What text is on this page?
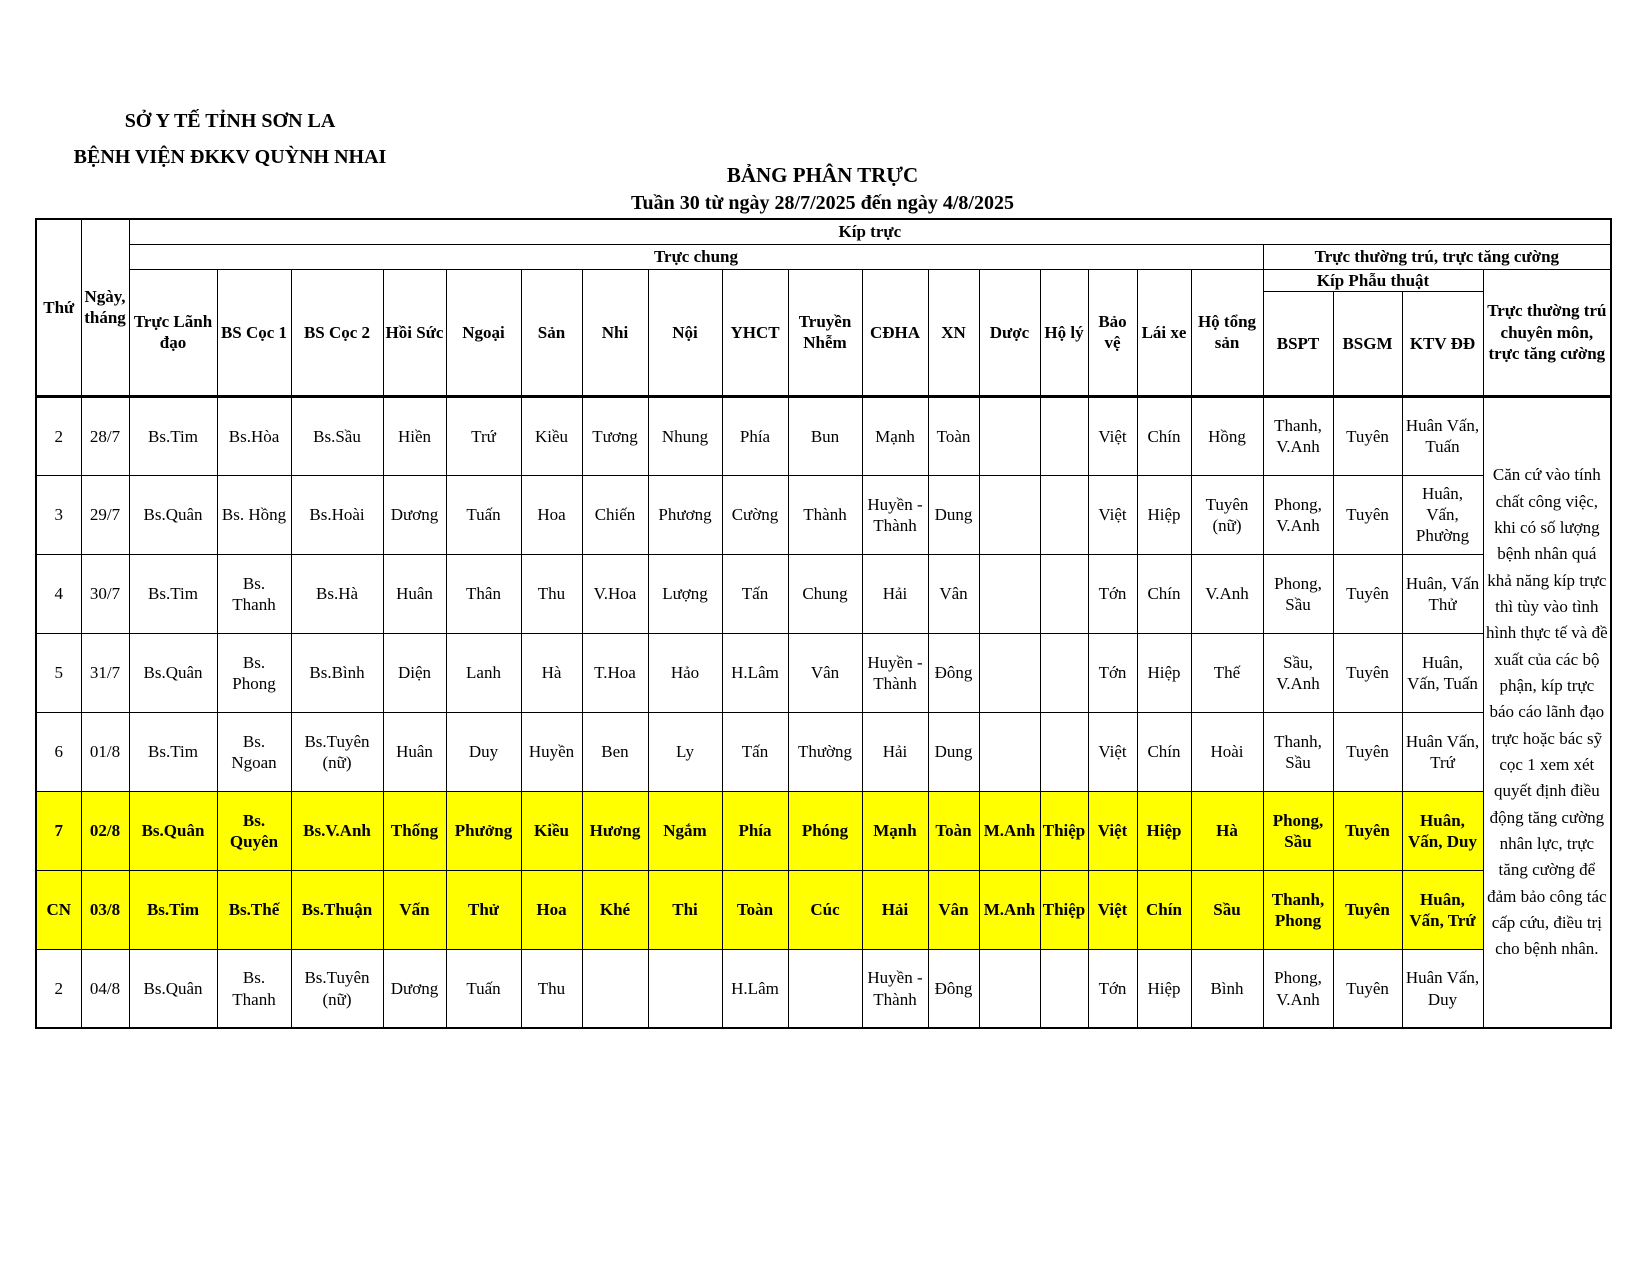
SỞ Y TẾ TỈNH SƠN LA
BỆNH VIỆN ĐKKV QUỲNH NHAI
BẢNG PHÂN TRỰC
Tuần 30 từ ngày 28/7/2025 đến ngày 4/8/2025
Thứ	Ngày, tháng	Kíp trực																				
		Trực chung																	Trực thường trú, trực tăng cường			
		Trực Lãnh đạo	BS Cọc 1	BS Cọc 2	Hồi Sức	Ngoại	Sản	Nhi	Nội	YHCT	Truyền Nhễm	CĐHA	XN	Dược	Hộ lý	Bảo vệ	Lái xe	Hộ tổng sản	Kíp Phẫu thuật			Trực thường trú chuyên môn, trực tăng cường
																			BSPT	BSGM	KTV ĐĐ	
2	28/7	Bs.Tim	Bs.Hòa	Bs.Sầu	Hiền	Trứ	Kiều	Tương	Nhung	Phía	Bun	Mạnh	Toàn			Việt	Chín	Hồng	Thanh, V.Anh	Tuyên	Huân Vấn, Tuấn	Căn cứ vào tính chất công việc, khi có số lượng bệnh nhân quá khả năng kíp trực thì tùy vào tình hình thực tế và đề xuất của các bộ phận, kíp trực báo cáo lãnh đạo trực hoặc bác sỹ cọc 1 xem xét quyết định điều động tăng cường nhân lực, trực tăng cường để đảm bảo công tác cấp cứu, điều trị cho bệnh nhân.
3	29/7	Bs.Quân	Bs. Hồng	Bs.Hoài	Dương	Tuấn	Hoa	Chiến	Phương	Cường	Thành	Huyền - Thành	Dung			Việt	Hiệp	Tuyên (nữ)	Phong, V.Anh	Tuyên	Huân, Vấn, Phường	
4	30/7	Bs.Tim	Bs. Thanh	Bs.Hà	Huân	Thân	Thu	V.Hoa	Lượng	Tấn	Chung	Hải	Vân			Tớn	Chín	V.Anh	Phong, Sầu	Tuyên	Huân, Vấn Thử	
5	31/7	Bs.Quân	Bs. Phong	Bs.Bình	Diện	Lanh	Hà	T.Hoa	Hảo	H.Lâm	Vân	Huyền - Thành	Đông			Tớn	Hiệp	Thế	Sầu, V.Anh	Tuyên	Huân, Vấn, Tuấn	
6	01/8	Bs.Tim	Bs. Ngoan	Bs.Tuyên (nữ)	Huân	Duy	Huyền	Ben	Ly	Tấn	Thường	Hải	Dung			Việt	Chín	Hoài	Thanh, Sầu	Tuyên	Huân Vấn, Trứ	
7	02/8	Bs.Quân	Bs. Quyên	Bs.V.Anh	Thống	Phưởng	Kiều	Hương	Ngắm	Phía	Phóng	Mạnh	Toàn	M.Anh	Thiệp	Việt	Hiệp	Hà	Phong, Sầu	Tuyên	Huân, Vấn, Duy	
CN	03/8	Bs.Tim	Bs.Thế	Bs.Thuận	Vấn	Thử	Hoa	Khé	Thi	Toàn	Cúc	Hải	Vân	M.Anh	Thiệp	Việt	Chín	Sầu	Thanh, Phong	Tuyên	Huân, Vấn, Trứ	
2	04/8	Bs.Quân	Bs. Thanh	Bs.Tuyên (nữ)	Dương	Tuấn	Thu			H.Lâm		Huyền - Thành	Đông			Tớn	Hiệp	Bình	Phong, V.Anh	Tuyên	Huân Vấn, Duy	
